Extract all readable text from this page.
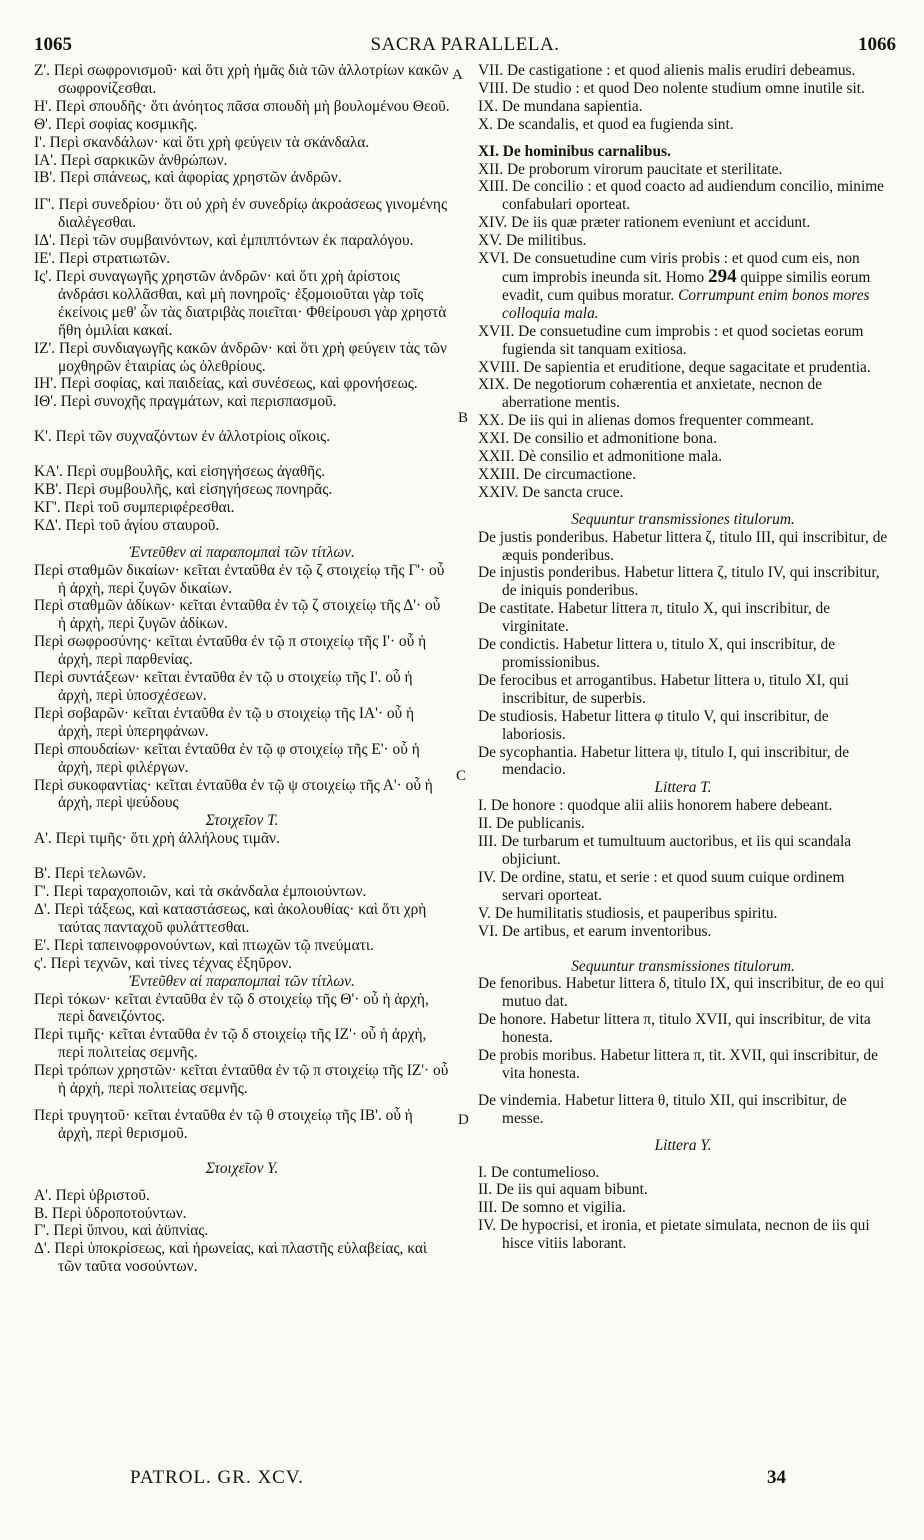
1065	SACRA PARALLELA.	1066
A
B
C
D

Ζ'. Περὶ σωφρονισμοῦ· καὶ ὅτι χρὴ ἡμᾶς διὰ τῶν ἀλλοτρίων κακῶν σωφρονίζεσθαι.

Η'. Περὶ σπουδῆς· ὅτι ἀνόητος πᾶσα σπουδὴ μὴ βουλομένου Θεοῦ.

Θ'. Περὶ σοφίας κοσμικῆς.

Ι'. Περὶ σκανδάλων· καὶ ὅτι χρὴ φεύγειν τὰ σκάνδαλα.

ΙΑ'. Περὶ σαρκικῶν ἀνθρώπων.

ΙΒ'. Περὶ σπάνεως, καὶ ἀφορίας χρηστῶν ἀνδρῶν.

ΙΓ'. Περὶ συνεδρίου· ὅτι οὐ χρὴ ἐν συνεδρίῳ ἀκροάσεως γινομένης διαλέγεσθαι.

ΙΔ'. Περὶ τῶν συμβαινόντων, καὶ ἐμπιπτόντων ἐκ παραλόγου.

ΙΕ'. Περὶ στρατιωτῶν.

Ις'. Περὶ συναγωγῆς χρηστῶν ἀνδρῶν· καὶ ὅτι χρὴ ἀρίστοις ἀνδράσι κολλᾶσθαι, καὶ μὴ πονηροῖς· ἐξομοιοῦται γὰρ τοῖς ἐκείνοις μεθ' ὧν τὰς διατριβὰς ποιεῖται· Φθείρουσι γὰρ χρηστὰ ἤθη ὁμιλίαι κακαί.

ΙΖ'. Περὶ συνδιαγωγῆς κακῶν ἀνδρῶν· καὶ ὅτι χρὴ φεύγειν τὰς τῶν μοχθηρῶν ἑταιρίας ὡς ὀλεθρίους.

ΙΗ'. Περὶ σοφίας, καὶ παιδείας, καὶ συνέσεως, καὶ φρονήσεως.

ΙΘ'. Περὶ συνοχῆς πραγμάτων, καὶ περισπασμοῦ.

Κ'. Περὶ τῶν συχναζόντων ἐν ἀλλοτρίοις οἴκοις.

ΚΑ'. Περὶ συμβουλῆς, καὶ εἰσηγήσεως ἀγαθῆς.

ΚΒ'. Περὶ συμβουλῆς, καὶ εἰσηγήσεως πονηρᾶς.

ΚΓ'. Περὶ τοῦ συμπεριφέρεσθαι.

ΚΔ'. Περὶ τοῦ ἁγίου σταυροῦ.

Ἐντεῦθεν αἱ παραπομπαὶ τῶν τίτλων.

Περὶ σταθμῶν δικαίων· κεῖται ἐνταῦθα ἐν τῷ ζ στοιχείῳ τῆς Γ'· οὗ ἡ ἀρχὴ, περὶ ζυγῶν δικαίων.

Περὶ σταθμῶν ἀδίκων· κεῖται ἐνταῦθα ἐν τῷ ζ στοιχείῳ τῆς Δ'· οὗ ἡ ἀρχὴ, περὶ ζυγῶν ἀδίκων.

Περὶ σωφροσύνης· κεῖται ἐνταῦθα ἐν τῷ π στοιχείῳ τῆς Ι'· οὗ ἡ ἀρχὴ, περὶ παρθενίας.

Περὶ συντάξεων· κεῖται ἐνταῦθα ἐν τῷ υ στοιχείῳ τῆς Ι'. οὗ ἡ ἀρχὴ, περὶ ὑποσχέσεων.

Περὶ σοβαρῶν· κεῖται ἐνταῦθα ἐν τῷ υ στοιχείῳ τῆς ΙΑ'· οὗ ἡ ἀρχὴ, περὶ ὑπερηφάνων.

Περὶ σπουδαίων· κεῖται ἐνταῦθα ἐν τῷ φ στοιχείῳ τῆς Ε'· οὗ ἡ ἀρχὴ, περὶ φιλέργων.

Περὶ συκοφαντίας· κεῖται ἐνταῦθα ἐν τῷ ψ στοιχείῳ τῆς Α'· οὗ ἡ ἀρχὴ, περὶ ψεύδους

Στοιχεῖον Τ.

Α'. Περὶ τιμῆς· ὅτι χρὴ ἀλλήλους τιμᾶν.

Β'. Περὶ τελωνῶν.

Γ'. Περὶ ταραχοποιῶν, καὶ τὰ σκάνδαλα ἐμποιούντων.

Δ'. Περὶ τάξεως, καὶ καταστάσεως, καὶ ἀκολουθίας· καὶ ὅτι χρὴ ταύτας πανταχοῦ φυλάττεσθαι.

Ε'. Περὶ ταπεινοφρονούντων, καὶ πτωχῶν τῷ πνεύματι.

ς'. Περὶ τεχνῶν, καὶ τίνες τέχνας ἐξηῦρον.

Ἐντεῦθεν αἱ παραπομπαὶ τῶν τίτλων.

Περὶ τόκων· κεῖται ἐνταῦθα ἐν τῷ δ στοιχείῳ τῆς Θ'· οὗ ἡ ἀρχὴ, περὶ δανειζόντος.

Περὶ τιμῆς· κεῖται ἐνταῦθα ἐν τῷ δ στοιχείῳ τῆς ΙΖ'· οὗ ἡ ἀρχὴ, περὶ πολιτείας σεμνῆς.

Περὶ τρόπων χρηστῶν· κεῖται ἐνταῦθα ἐν τῷ π στοιχείῳ τῆς ΙΖ'· οὗ ἡ ἀρχὴ, περὶ πολιτείας σεμνῆς.

Περὶ τρυγητοῦ· κεῖται ἐνταῦθα ἐν τῷ θ στοιχείῳ τῆς ΙΒ'. οὗ ἡ ἀρχὴ, περὶ θερισμοῦ.

Στοιχεῖον Υ.

Α'. Περὶ ὑβριστοῦ.

Β. Περὶ ὑδροποτούντων.

Γ'. Περὶ ὕπνου, καὶ ἀϋπνίας.

Δ'. Περὶ ὑποκρίσεως, καὶ ἠρωνείας, καὶ πλαστῆς εὐλαβείας, καὶ τῶν ταῦτα νοσούντων.

VII. De castigatione : et quod alienis malis erudiri debeamus.

VIII. De studio : et quod Deo nolente studium omne inutile sit.

IX. De mundana sapientia.

X. De scandalis, et quod ea fugienda sint.

XI. De hominibus carnalibus.

XII. De proborum virorum paucitate et sterilitate.

XIII. De concilio : et quod coacto ad audiendum concilio, minime confabulari oporteat.

XIV. De iis quæ præter rationem eveniunt et accidunt.

XV. De militibus.

XVI. De consuetudine cum viris probis : et quod cum eis, non cum improbis ineunda sit. Homo 294 quippe similis eorum evadit, cum quibus moratur. Corrumpunt enim bonos mores colloquia mala.

XVII. De consuetudine cum improbis : et quod societas eorum fugienda sit tanquam exitiosa.

XVIII. De sapientia et eruditione, deque sagacitate et prudentia.

XIX. De negotiorum cohærentia et anxietate, necnon de aberratione mentis.

XX. De iis qui in alienas domos frequenter commeant.

XXI. De consilio et admonitione bona.

XXII. Dè consilio et admonitione mala.

XXIII. De circumactione.

XXIV. De sancta cruce.

Sequuntur transmissiones titulorum.

De justis ponderibus. Habetur littera ζ, titulo III, qui inscribitur, de æquis ponderibus.

De injustis ponderibus. Habetur littera ζ, titulo IV, qui inscribitur, de iniquis ponderibus.

De castitate. Habetur littera π, titulo X, qui inscribitur, de virginitate.

De condictis. Habetur littera υ, titulo X, qui inscribitur, de promissionibus.

De ferocibus et arrogantibus. Habetur littera υ, titulo XI, qui inscribitur, de superbis.

De studiosis. Habetur littera φ titulo V, qui inscribitur, de laboriosis.

De sycophantia. Habetur littera ψ, titulo I, qui inscribitur, de mendacio.

Littera T.

I. De honore : quodque alii aliis honorem habere debeant.

II. De publicanis.

III. De turbarum et tumultuum auctoribus, et iis qui scandala objiciunt.

IV. De ordine, statu, et serie : et quod suum cuique ordinem servari oporteat.

V. De humilitatis studiosis, et pauperibus spiritu.

VI. De artibus, et earum inventoribus.

Sequuntur transmissiones titulorum.

De fenoribus. Habetur littera δ, titulo IX, qui inscribitur, de eo qui mutuo dat.

De honore. Habetur littera π, titulo XVII, qui inscribitur, de vita honesta.

De probis moribus. Habetur littera π, tit. XVII, qui inscribitur, de vita honesta.

De vindemia. Habetur littera θ, titulo XII, qui inscribitur, de messe.

Littera Y.

I. De contumelioso.

II. De iis qui aquam bibunt.

III. De somno et vigilia.

IV. De hypocrisi, et ironia, et pietate simulata, necnon de iis qui hisce vitiis laborant.

PATROL. GR. XCV.	34
